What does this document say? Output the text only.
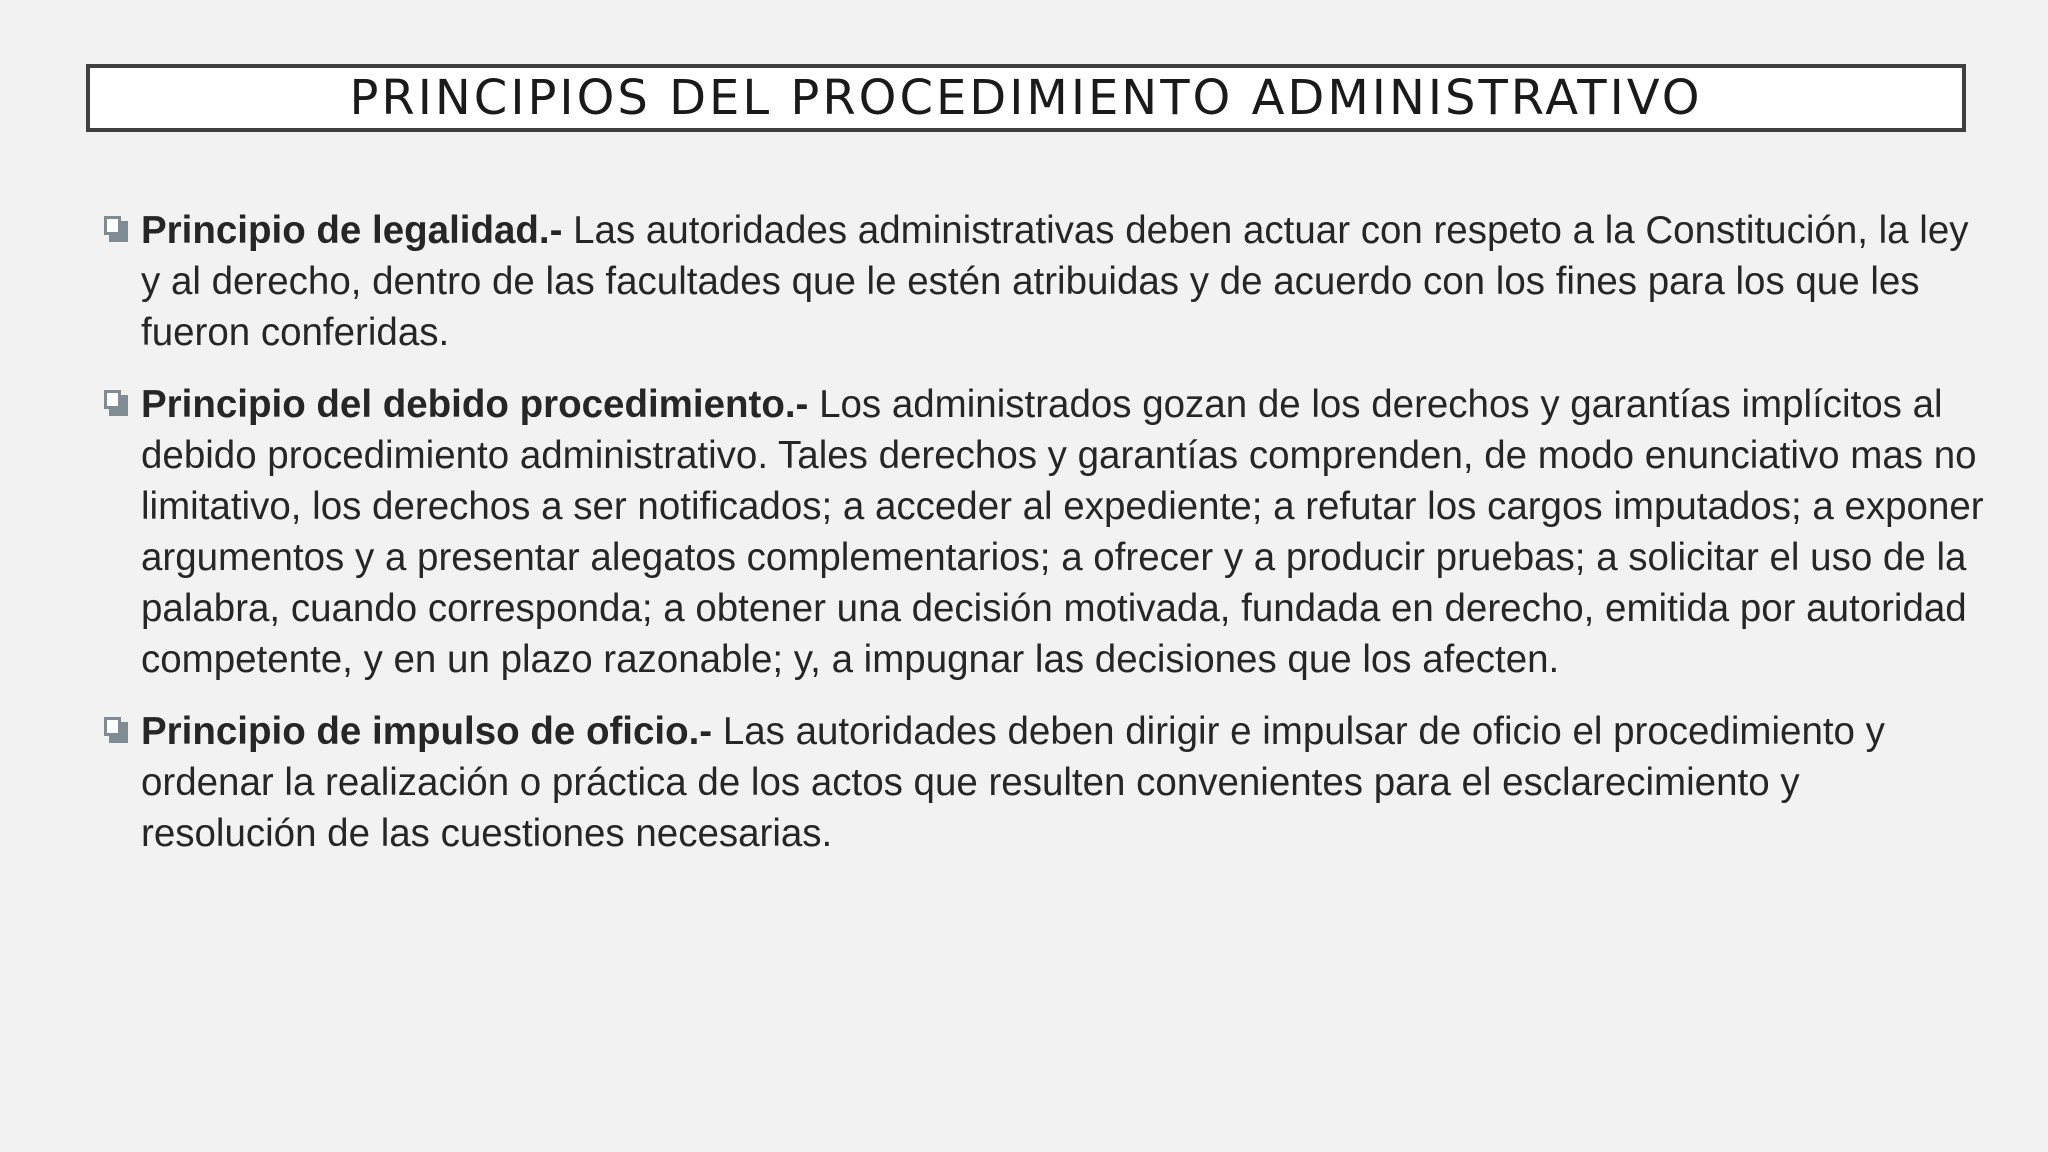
PRINCIPIOS DEL PROCEDIMIENTO ADMINISTRATIVO
Principio de legalidad.- Las autoridades administrativas deben actuar con respeto a la Constitución, la ley y al derecho, dentro de las facultades que le estén atribuidas y de acuerdo con los fines para los que les fueron conferidas.
Principio del debido procedimiento.- Los administrados gozan de los derechos y garantías implícitos al debido procedimiento administrativo. Tales derechos y garantías comprenden, de modo enunciativo mas no limitativo, los derechos a ser notificados; a acceder al expediente; a refutar los cargos imputados; a exponer argumentos y a presentar alegatos complementarios; a ofrecer y a producir pruebas; a solicitar el uso de la palabra, cuando corresponda; a obtener una decisión motivada, fundada en derecho, emitida por autoridad competente, y en un plazo razonable; y, a impugnar las decisiones que los afecten.
Principio de impulso de oficio.- Las autoridades deben dirigir e impulsar de oficio el procedimiento y ordenar la realización o práctica de los actos que resulten convenientes para el esclarecimiento y resolución de las cuestiones necesarias.
